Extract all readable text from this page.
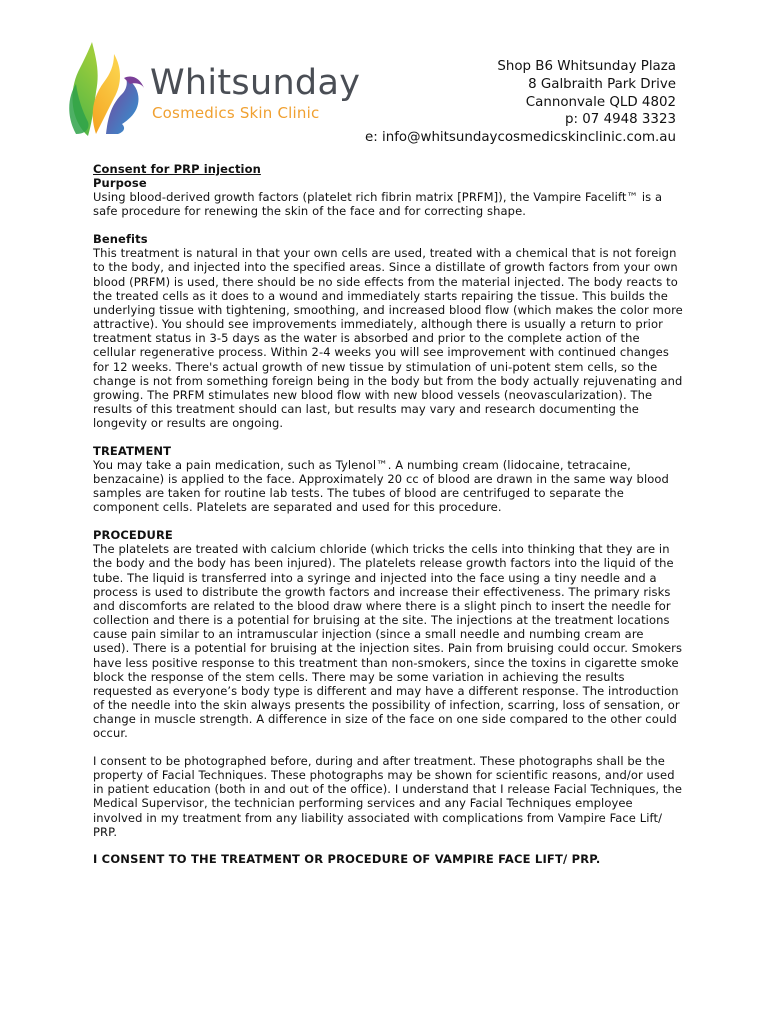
Whitsunday
Cosmedics Skin Clinic
Shop B6 Whitsunday Plaza
8 Galbraith Park Drive
Cannonvale QLD 4802
p: 07 4948 3323
e: info@whitsundaycosmedicskinclinic.com.au

Consent for PRP injection

Purpose

Using blood-derived growth factors (platelet rich fibrin matrix [PRFM]), the Vampire Facelift™ is a safe procedure for renewing the skin of the face and for correcting shape.

Benefits

This treatment is natural in that your own cells are used, treated with a chemical that is not foreign to the body, and injected into the specified areas. Since a distillate of growth factors from your own blood (PRFM) is used, there should be no side effects from the material injected. The body reacts to the treated cells as it does to a wound and immediately starts repairing the tissue. This builds the underlying tissue with tightening, smoothing, and increased blood flow (which makes the color more attractive). You should see improvements immediately, although there is usually a return to prior treatment status in 3-5 days as the water is absorbed and prior to the complete action of the cellular regenerative process. Within 2-4 weeks you will see improvement with continued changes for 12 weeks. There's actual growth of new tissue by stimulation of uni-potent stem cells, so the change is not from something foreign being in the body but from the body actually rejuvenating and growing. The PRFM stimulates new blood flow with new blood vessels (neovascularization). The results of this treatment should can last, but results may vary and research documenting the longevity or results are ongoing.

TREATMENT

You may take a pain medication, such as Tylenol™. A numbing cream (lidocaine, tetracaine, benzacaine) is applied to the face. Approximately 20 cc of blood are drawn in the same way blood samples are taken for routine lab tests. The tubes of blood are centrifuged to separate the component cells. Platelets are separated and used for this procedure.

PROCEDURE

The platelets are treated with calcium chloride (which tricks the cells into thinking that they are in the body and the body has been injured). The platelets release growth factors into the liquid of the tube. The liquid is transferred into a syringe and injected into the face using a tiny needle and a process is used to distribute the growth factors and increase their effectiveness. The primary risks and discomforts are related to the blood draw where there is a slight pinch to insert the needle for collection and there is a potential for bruising at the site. The injections at the treatment locations cause pain similar to an intramuscular injection (since a small needle and numbing cream are used). There is a potential for bruising at the injection sites. Pain from bruising could occur. Smokers have less positive response to this treatment than non-smokers, since the toxins in cigarette smoke block the response of the stem cells. There may be some variation in achieving the results requested as everyone’s body type is different and may have a different response. The introduction of the needle into the skin always presents the possibility of infection, scarring, loss of sensation, or change in muscle strength. A difference in size of the face on one side compared to the other could occur.

I consent to be photographed before, during and after treatment. These photographs shall be the property of Facial Techniques. These photographs may be shown for scientific reasons, and/or used in patient education (both in and out of the office). I understand that I release Facial Techniques, the Medical Supervisor, the technician performing services and any Facial Techniques employee involved in my treatment from any liability associated with complications from Vampire Face Lift/ PRP.

I CONSENT TO THE TREATMENT OR PROCEDURE OF VAMPIRE FACE LIFT/ PRP.
